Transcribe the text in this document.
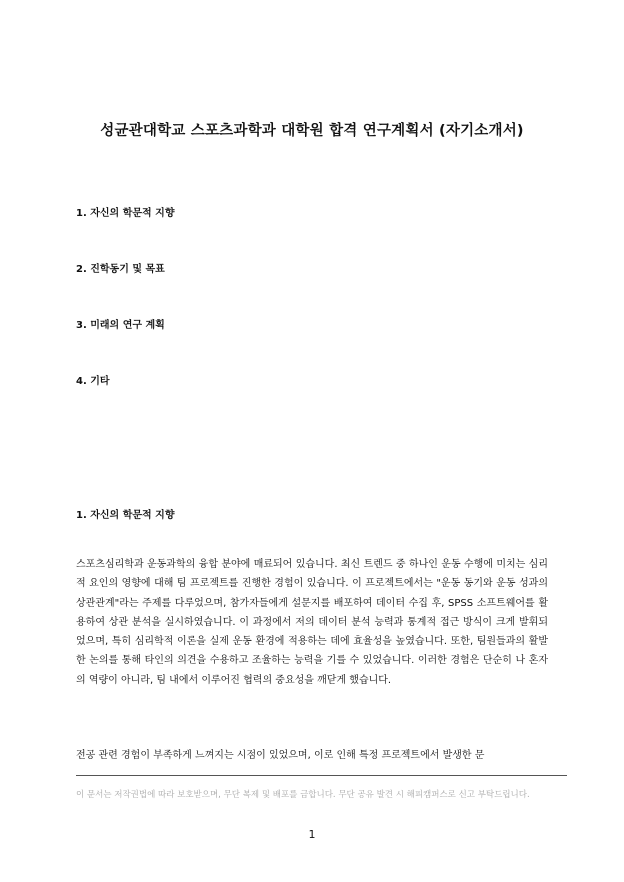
성균관대학교 스포츠과학과 대학원 합격 연구계획서 (자기소개서)
1. 자신의 학문적 지향
2. 진학동기 및 목표
3. 미래의 연구 계획
4. 기타
1. 자신의 학문적 지향

스포츠심리학과 운동과학의 융합 분야에 매료되어 있습니다. 최신 트렌드 중 하나인 운동 수행에 미치는 심리적 요인의 영향에 대해 팀 프로젝트를 진행한 경험이 있습니다. 이 프로젝트에서는 "운동 동기와 운동 성과의 상관관계"라는 주제를 다루었으며, 참가자들에게 설문지를 배포하여 데이터 수집 후, SPSS 소프트웨어를 활용하여 상관 분석을 실시하였습니다. 이 과정에서 저의 데이터 분석 능력과 통계적 접근 방식이 크게 발휘되었으며, 특히 심리학적 이론을 실제 운동 환경에 적용하는 데에 효율성을 높였습니다. 또한, 팀원들과의 활발한 논의를 통해 타인의 의견을 수용하고 조율하는 능력을 기를 수 있었습니다. 이러한 경험은 단순히 나 혼자의 역량이 아니라, 팀 내에서 이루어진 협력의 중요성을 깨닫게 했습니다.

전공 관련 경험이 부족하게 느껴지는 시점이 있었으며, 이로 인해 특정 프로젝트에서 발생한 문

이 문서는 저작권법에 따라 보호받으며, 무단 복제 및 배포를 금합니다. 무단 공유 발견 시 해피캠퍼스로 신고 부탁드립니다.

1
